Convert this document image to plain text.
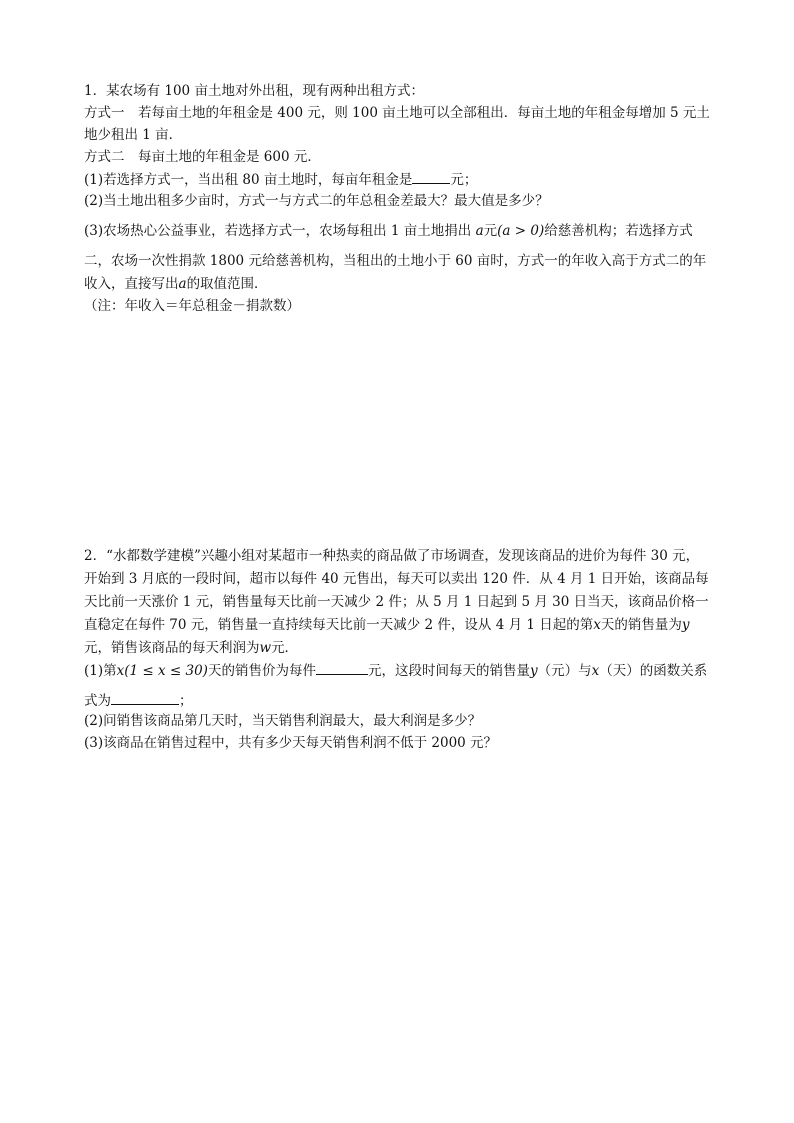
1．某农场有 100 亩土地对外出租，现有两种出租方式：
方式一　若每亩土地的年租金是 400 元，则 100 亩土地可以全部租出．每亩土地的年租金每增加 5 元土
地少租出 1 亩．
方式二　每亩土地的年租金是 600 元．
(1)若选择方式一，当出租 80 亩土地时，每亩年租金是	元；
(2)当土地出租多少亩时，方式一与方式二的年总租金差最大？最大值是多少？
(3)农场热心公益事业，若选择方式一，农场每租出 1 亩土地捐出 a元(a > 0)给慈善机构；若选择方式
二，农场一次性捐款 1800 元给慈善机构，当租出的土地小于 60 亩时，方式一的年收入高于方式二的年
收入，直接写出a的取值范围．
（注：年收入＝年总租金－捐款数）
2．“水都数学建模”兴趣小组对某超市一种热卖的商品做了市场调查，发现该商品的进价为每件 30 元，
开始到 3 月底的一段时间，超市以每件 40 元售出，每天可以卖出 120 件．从 4 月 1 日开始，该商品每
天比前一天涨价 1 元，销售量每天比前一天减少 2 件；从 5 月 1 日起到 5 月 30 日当天，该商品价格一
直稳定在每件 70 元，销售量一直持续每天比前一天减少 2 件，设从 4 月 1 日起的第x天的销售量为y
元，销售该商品的每天利润为w元．
(1)第x(1 ≤ x ≤ 30)天的销售价为每件	元，这段时间每天的销售量y（元）与x（天）的函数关系
式为	；
(2)问销售该商品第几天时，当天销售利润最大，最大利润是多少？
(3)该商品在销售过程中，共有多少天每天销售利润不低于 2000 元？
